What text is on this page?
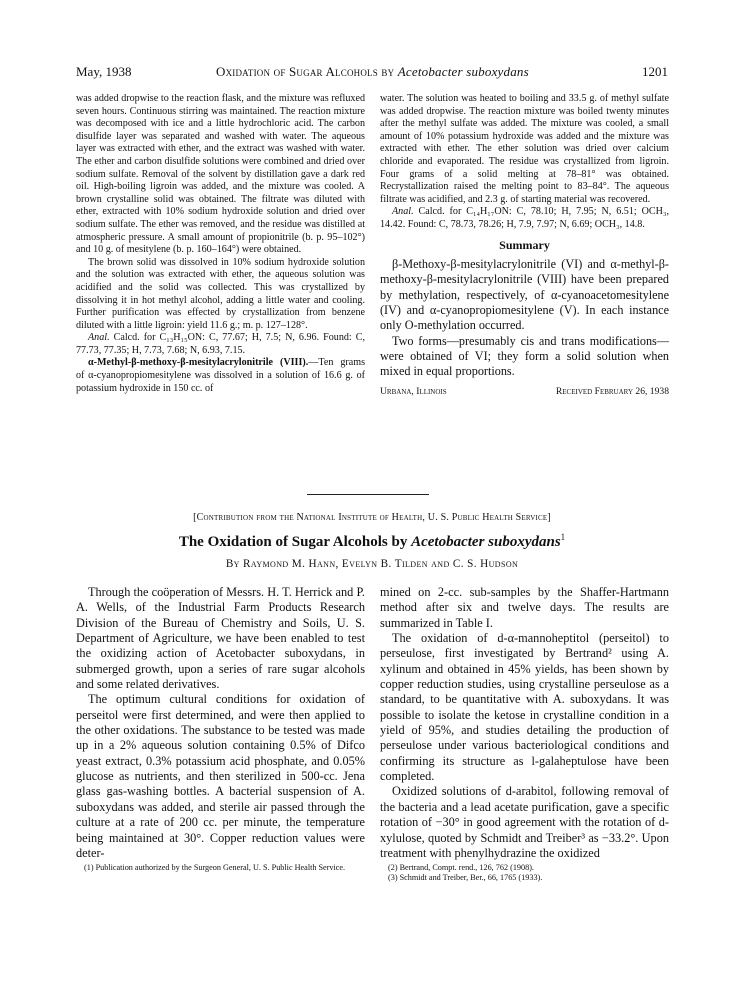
May, 1938	Oxidation of Sugar Alcohols by Acetobacter suboxydans	1201

was added dropwise to the reaction flask, and the mixture was refluxed seven hours. Continuous stirring was maintained. The reaction mixture was decomposed with ice and a little hydrochloric acid. The carbon disulfide layer was separated and washed with water. The aqueous layer was extracted with ether, and the extract was washed with water. The ether and carbon disulfide solutions were combined and dried over sodium sulfate. Removal of the solvent by distillation gave a dark red oil. High-boiling ligroin was added, and the mixture was cooled. A brown crystalline solid was obtained. The filtrate was diluted with ether, extracted with 10% sodium hydroxide solution and dried over sodium sulfate. The ether was removed, and the residue was distilled at atmospheric pressure. A small amount of propionitrile (b. p. 95–102°) and 10 g. of mesitylene (b. p. 160–164°) were obtained.

The brown solid was dissolved in 10% sodium hydroxide solution and the solution was extracted with ether, the aqueous solution was acidified and the solid was collected. This was crystallized by dissolving it in hot methyl alcohol, adding a little water and cooling. Further purification was effected by crystallization from benzene diluted with a little ligroin: yield 11.6 g.; m. p. 127–128°.

Anal. Calcd. for C₁₃H₁₅ON: C, 77.67; H, 7.5; N, 6.96. Found: C, 77.73, 77.35; H, 7.73, 7.68; N, 6.93, 7.15.

α-Methyl-β-methoxy-β-mesitylacrylonitrile (VIII).—Ten grams of α-cyanopropiomesitylene was dissolved in a solution of 16.6 g. of potassium hydroxide in 150 cc. of

water. The solution was heated to boiling and 33.5 g. of methyl sulfate was added dropwise. The reaction mixture was boiled twenty minutes after the methyl sulfate was added. The mixture was cooled, a small amount of 10% potassium hydroxide was added and the mixture was extracted with ether. The ether solution was dried over calcium chloride and evaporated. The residue was crystallized from ligroin. Four grams of a solid melting at 78–81° was obtained. Recrystallization raised the melting point to 83–84°. The aqueous filtrate was acidified, and 2.3 g. of starting material was recovered.

Anal. Calcd. for C₁₄H₁₇ON: C, 78.10; H, 7.95; N, 6.51; OCH₃, 14.42. Found: C, 78.73, 78.26; H, 7.9, 7.97; N, 6.69; OCH₃, 14.8.

Summary

β-Methoxy-β-mesitylacrylonitrile (VI) and α-methyl-β-methoxy-β-mesitylacrylonitrile (VIII) have been prepared by methylation, respectively, of α-cyanoacetomesitylene (IV) and α-cyanopropiomesitylene (V). In each instance only O-methylation occurred.

Two forms—presumably cis and trans modifications—were obtained of VI; they form a solid solution when mixed in equal proportions.

Urbana, Illinois	Received February 26, 1938
[Contribution from the National Institute of Health, U. S. Public Health Service]
The Oxidation of Sugar Alcohols by Acetobacter suboxydans$^1$
By Raymond M. Hann, Evelyn B. Tilden and C. S. Hudson

Through the coöperation of Messrs. H. T. Herrick and P. A. Wells, of the Industrial Farm Products Research Division of the Bureau of Chemistry and Soils, U. S. Department of Agriculture, we have been enabled to test the oxidizing action of Acetobacter suboxydans, in submerged growth, upon a series of rare sugar alcohols and some related derivatives.

The optimum cultural conditions for oxidation of perseitol were first determined, and were then applied to the other oxidations. The substance to be tested was made up in a 2% aqueous solution containing 0.5% of Difco yeast extract, 0.3% potassium acid phosphate, and 0.05% glucose as nutrients, and then sterilized in 500-cc. Jena glass gas-washing bottles. A bacterial suspension of A. suboxydans was added, and sterile air passed through the culture at a rate of 200 cc. per minute, the temperature being maintained at 30°. Copper reduction values were deter-

(1) Publication authorized by the Surgeon General, U. S. Public Health Service.

mined on 2-cc. sub-samples by the Shaffer-Hartmann method after six and twelve days. The results are summarized in Table I.

The oxidation of d-α-mannoheptitol (perseitol) to perseulose, first investigated by Bertrand² using A. xylinum and obtained in 45% yields, has been shown by copper reduction studies, using crystalline perseulose as a standard, to be quantitative with A. suboxydans. It was possible to isolate the ketose in crystalline condition in a yield of 95%, and studies detailing the production of perseulose under various bacteriological conditions and confirming its structure as l-galaheptulose have been completed.

Oxidized solutions of d-arabitol, following removal of the bacteria and a lead acetate purification, gave a specific rotation of −30° in good agreement with the rotation of d-xylulose, quoted by Schmidt and Treiber³ as −33.2°. Upon treatment with phenylhydrazine the oxidized

(2) Bertrand, Compt. rend., 126, 762 (1908).

(3) Schmidt and Treiber, Ber., 66, 1765 (1933).
